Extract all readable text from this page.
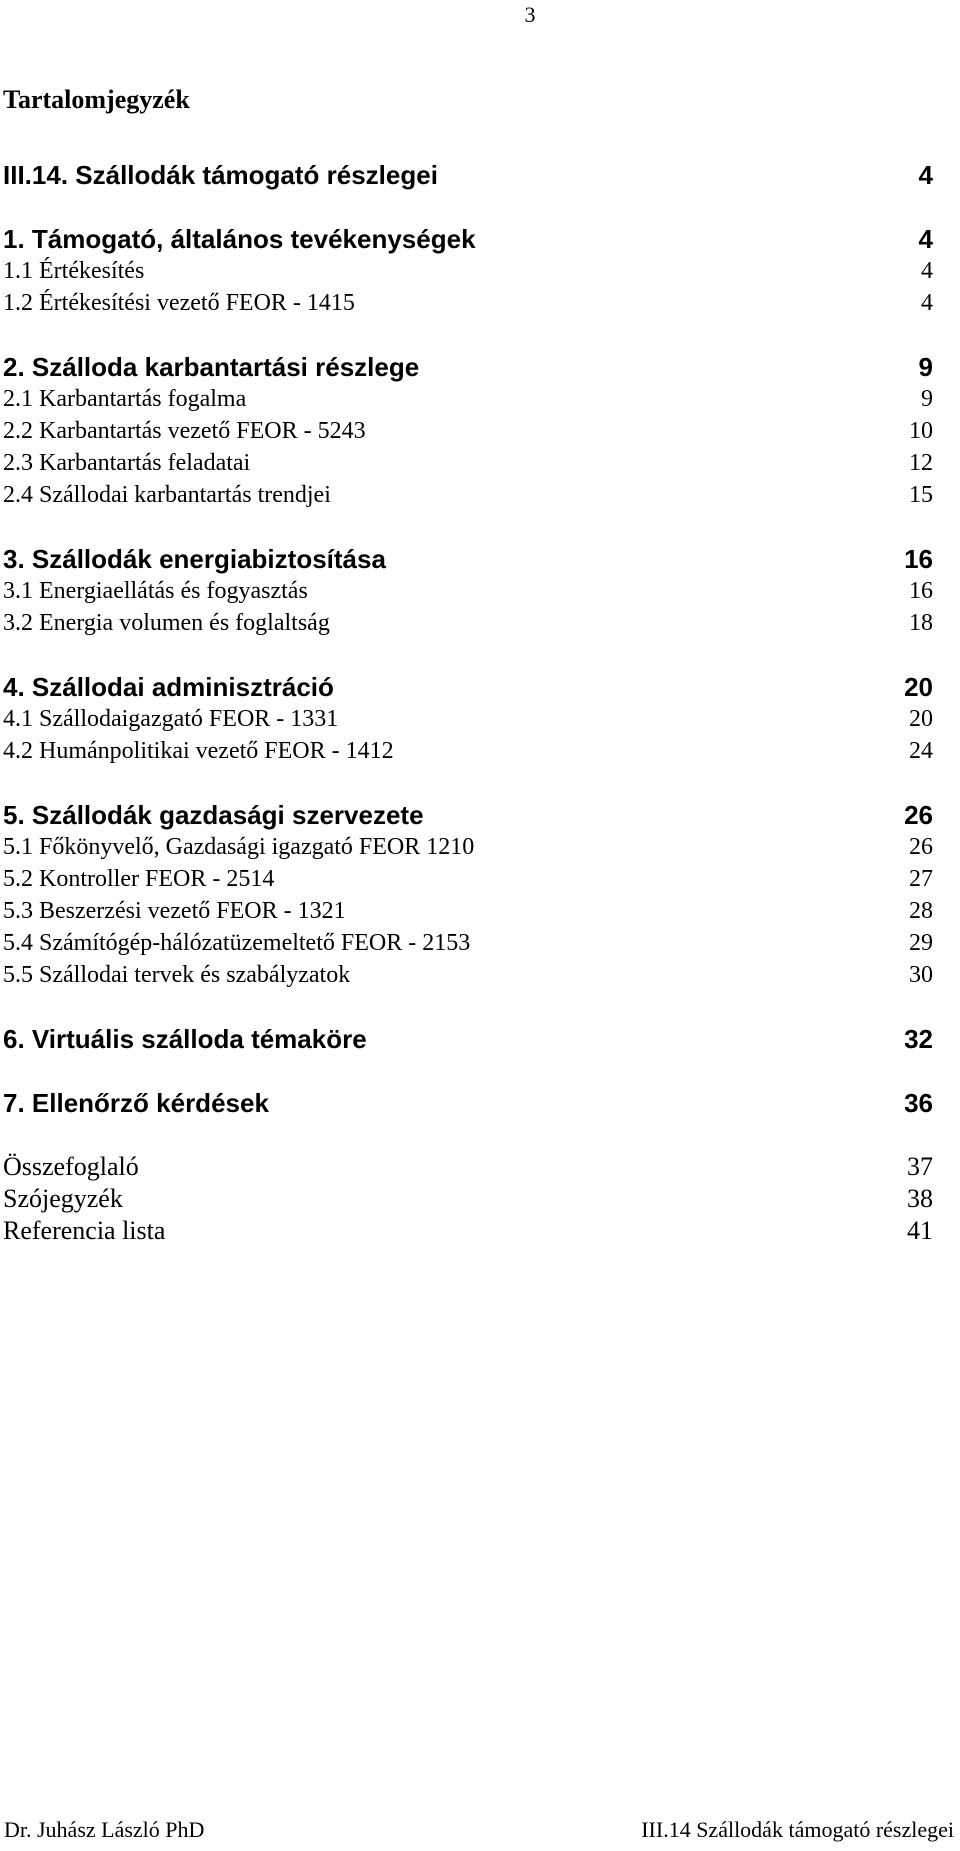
3
Tartalomjegyzék
III.14. Szállodák támogató részlegei	4
1. Támogató, általános tevékenységek	4
1.1 Értékesítés	4
1.2 Értékesítési vezető FEOR - 1415	4
2. Szálloda karbantartási részlege	9
2.1 Karbantartás fogalma	9
2.2 Karbantartás vezető FEOR - 5243	10
2.3 Karbantartás feladatai	12
2.4 Szállodai karbantartás trendjei	15
3. Szállodák energiabiztosítása	16
3.1 Energiaellátás és fogyasztás	16
3.2 Energia volumen és foglaltság	18
4. Szállodai adminisztráció	20
4.1 Szállodaigazgató FEOR - 1331	20
4.2 Humánpolitikai vezető FEOR - 1412	24
5. Szállodák gazdasági szervezete	26
5.1 Főkönyvelő, Gazdasági igazgató FEOR 1210	26
5.2 Kontroller FEOR - 2514	27
5.3 Beszerzési vezető FEOR - 1321	28
5.4 Számítógép-hálózatüzemeltető FEOR - 2153	29
5.5 Szállodai tervek és szabályzatok	30
6. Virtuális szálloda témaköre	32
7. Ellenőrző kérdések	36
Összefoglaló	37
Szójegyzék	38
Referencia lista	41
Dr. Juhász László PhD	III.14 Szállodák támogató részlegei
